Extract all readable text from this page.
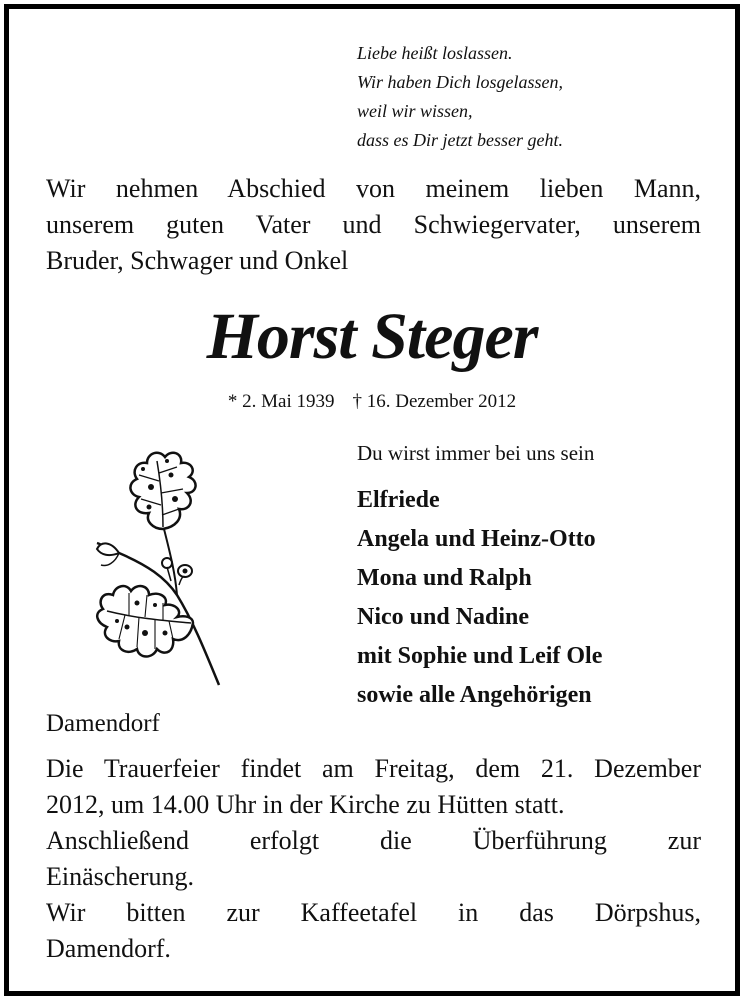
Liebe heißt loslassen.
Wir haben Dich losgelassen,
weil wir wissen,
dass es Dir jetzt besser geht.
Wir nehmen Abschied von meinem lieben Mann,
unserem guten Vater und Schwiegervater, unserem
Bruder, Schwager und Onkel
Horst Steger
* 2. Mai 1939 † 16. Dezember 2012
Du wirst immer bei uns sein
Elfriede
Angela und Heinz-Otto
Mona und Ralph
Nico und Nadine
mit Sophie und Leif Ole
sowie alle Angehörigen
Damendorf
Die Trauerfeier findet am Freitag, dem 21. Dezember
2012, um 14.00 Uhr in der Kirche zu Hütten statt.
Anschließend erfolgt die Überführung zur
Einäscherung.
Wir bitten zur Kaffeetafel in das Dörpshus,
Damendorf.
